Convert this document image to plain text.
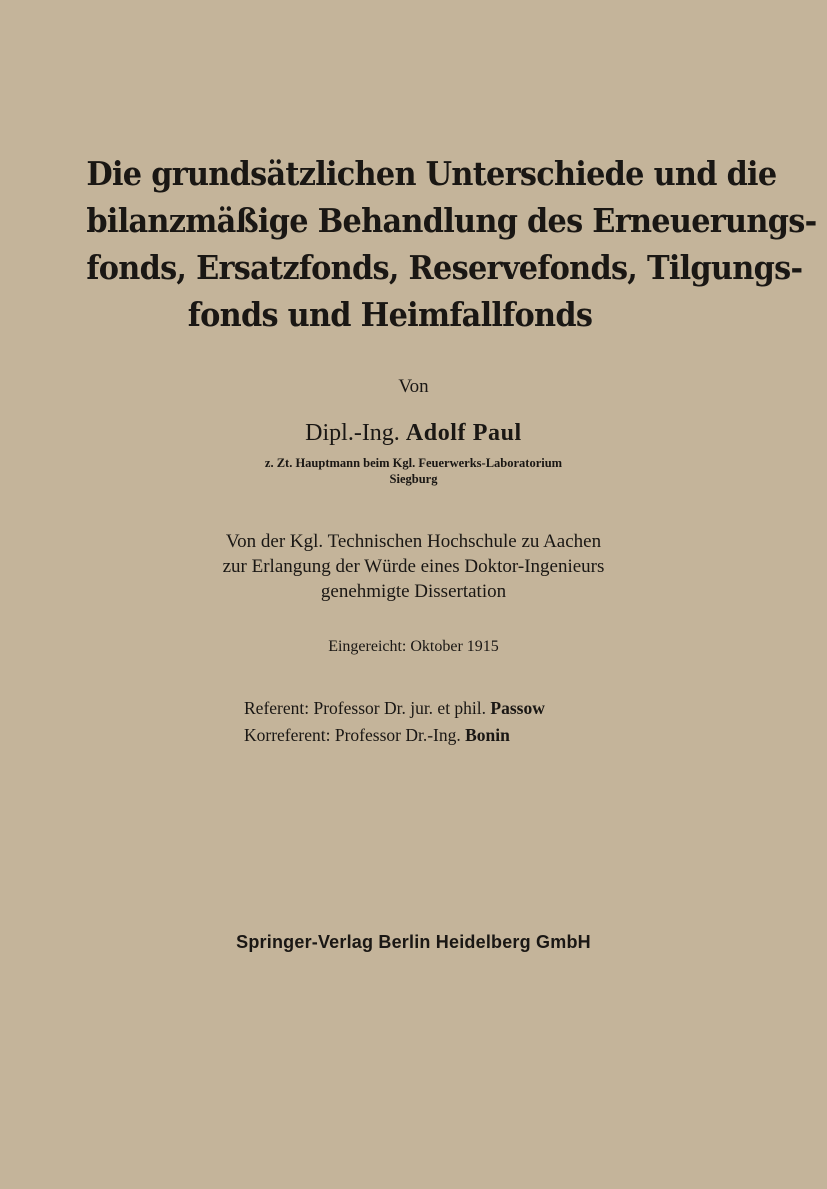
Die grundsätzlichen Unterschiede und die
bilanzmäßige Behandlung des Erneuerungs-
fonds, Ersatzfonds, Reservefonds, Tilgungs-
fonds und Heimfallfonds
Von
Dipl.-Ing. Adolf Paul
z. Zt. Hauptmann beim Kgl. Feuerwerks-Laboratorium
Siegburg
Von der Kgl. Technischen Hochschule zu Aachen
zur Erlangung der Würde eines Doktor-Ingenieurs
genehmigte Dissertation
Eingereicht: Oktober 1915
Referent: Professor Dr. jur. et phil. Passow
Korreferent: Professor Dr.-Ing. Bonin
Springer-Verlag Berlin Heidelberg GmbH
